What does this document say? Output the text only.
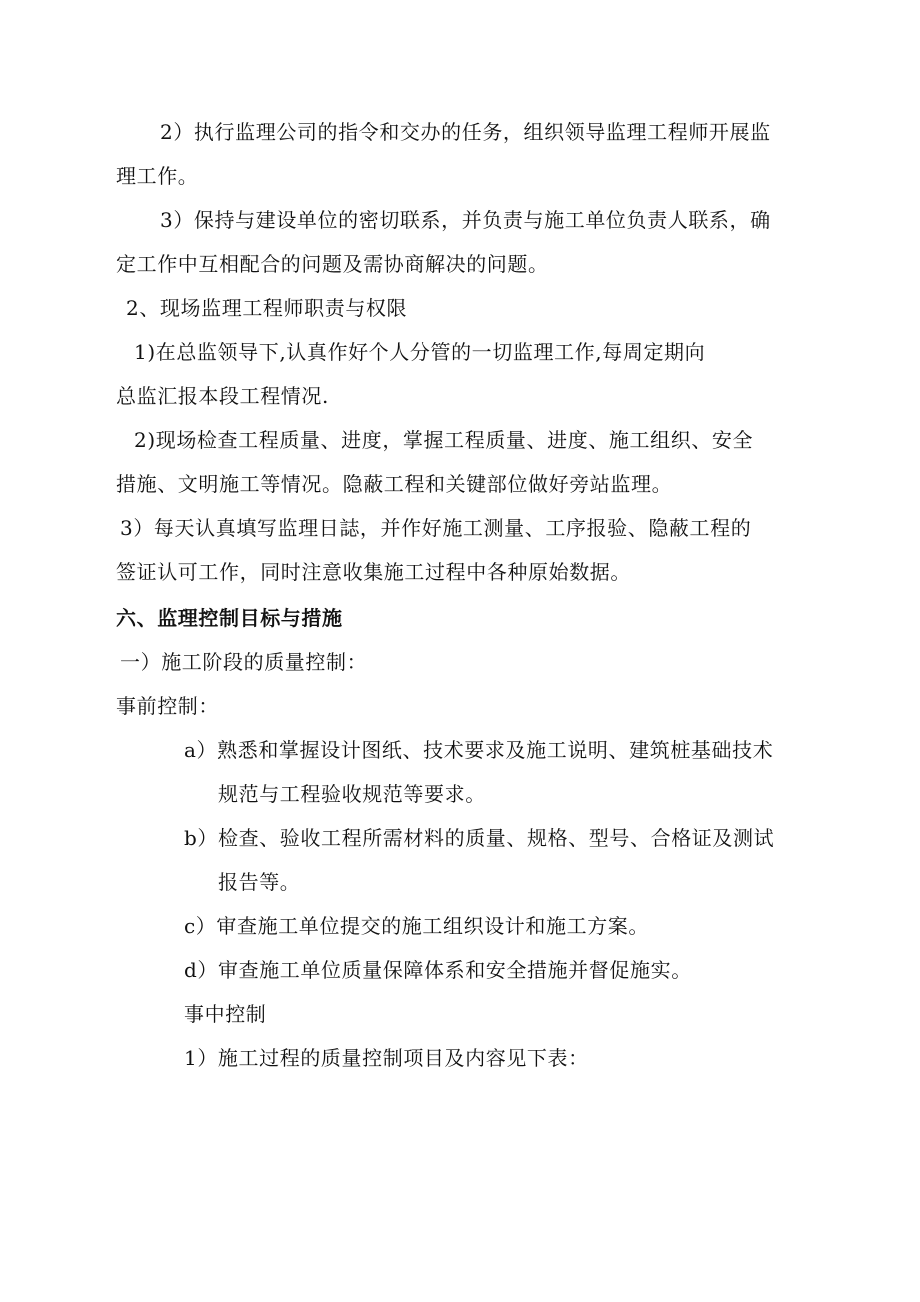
2）执行监理公司的指令和交办的任务，组织领导监理工程师开展监
理工作。
3）保持与建设单位的密切联系，并负责与施工单位负责人联系，确
定工作中互相配合的问题及需协商解决的问题。
2、现场监理工程师职责与权限
1)在总监领导下,认真作好个人分管的一切监理工作,每周定期向
总监汇报本段工程情况.
2)现场检查工程质量、进度，掌握工程质量、进度、施工组织、安全
措施、文明施工等情况。隐蔽工程和关键部位做好旁站监理。
3）每天认真填写监理日誌，并作好施工测量、工序报验、隐蔽工程的
签证认可工作，同时注意收集施工过程中各种原始数据。
六、监理控制目标与措施
一）施工阶段的质量控制：
事前控制：
a）熟悉和掌握设计图纸、技术要求及施工说明、建筑桩基础技术
规范与工程验收规范等要求。
b）检查、验收工程所需材料的质量、规格、型号、合格证及测试
报告等。
c）审查施工单位提交的施工组织设计和施工方案。
d）审查施工单位质量保障体系和安全措施并督促施实。
事中控制
1）施工过程的质量控制项目及内容见下表：
